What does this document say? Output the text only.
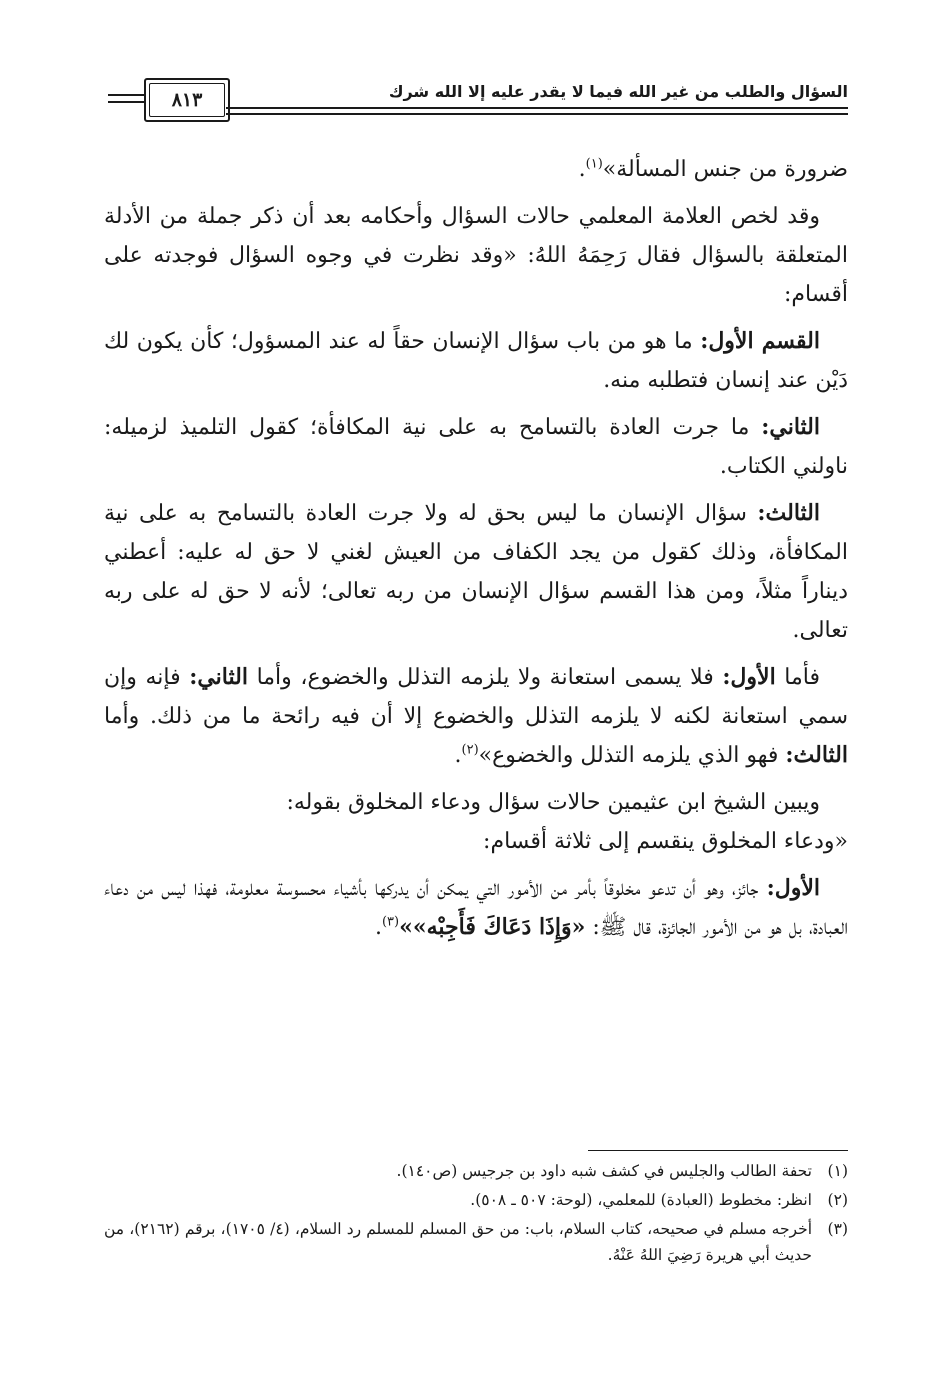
السؤال والطلب من غير الله فيما لا يقدر عليه إلا الله شرك
٨١٣

ضرورة من جنس المسألة»$^{(١)}$.

وقد لخص العلامة المعلمي حالات السؤال وأحكامه بعد أن ذكر جملة من الأدلة المتعلقة بالسؤال فقال رَحِمَهُ اللهُ: «وقد نظرت في وجوه السؤال فوجدته على أقسام:

القسم الأول: ما هو من باب سؤال الإنسان حقاً له عند المسؤول؛ كأن يكون لك دَيْن عند إنسان فتطلبه منه.

الثاني: ما جرت العادة بالتسامح به على نية المكافأة؛ كقول التلميذ لزميله: ناولني الكتاب.

الثالث: سؤال الإنسان ما ليس بحق له ولا جرت العادة بالتسامح به على نية المكافأة، وذلك كقول من يجد الكفاف من العيش لغني لا حق له عليه: أعطني ديناراً مثلاً، ومن هذا القسم سؤال الإنسان من ربه تعالى؛ لأنه لا حق له على ربه تعالى.

فأما الأول: فلا يسمى استعانة ولا يلزمه التذلل والخضوع، وأما الثاني: فإنه وإن سمي استعانة لكنه لا يلزمه التذلل والخضوع إلا أن فيه رائحة ما من ذلك. وأما الثالث: فهو الذي يلزمه التذلل والخضوع»$^{(٢)}$.

ويبين الشيخ ابن عثيمين حالات سؤال ودعاء المخلوق بقوله:

«ودعاء المخلوق ينقسم إلى ثلاثة أقسام:

الأول: جائز، وهو أن تدعو مخلوقاً بأمر من الأمور التي يمكن أن يدركها بأشياء محسوسة معلومة، فهذا ليس من دعاء العبادة، بل هو من الأمور الجائزة، قال ﷺ: «وَإِذَا دَعَاكَ فَأَجِبْه»»$^{(٣)}$.

(١)
تحفة الطالب والجليس في كشف شبه داود بن جرجيس (ص١٤٠).
(٢)
انظر: مخطوط (العبادة) للمعلمي، (لوحة: ٥٠٧ ـ ٥٠٨).
(٣)
أخرجه مسلم في صحيحه، كتاب السلام، باب: من حق المسلم للمسلم رد السلام، (٤/ ١٧٠٥)، برقم (٢١٦٢)، من حديث أبي هريرة رَضِيَ اللهُ عَنْهُ.
